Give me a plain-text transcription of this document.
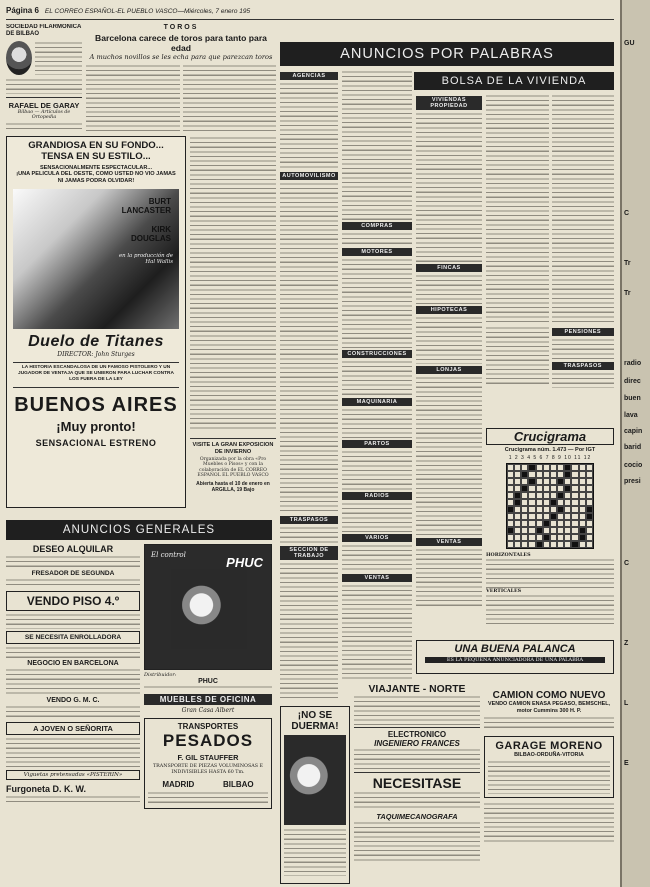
Página 6 EL CORREO ESPAÑOL-EL PUEBLO VASCO—Miércoles, 7 enero 195
SOCIEDAD FILARMONICA DE BILBAO
RAFAEL DE GARAY
Bilbao — Artículos de Ortopedia
TOROS
Barcelona carece de toros para tanto para edad
A muchos novillos se les echa para que parezcan toros
GRANDIOSA EN SU FONDO...
TENSA EN SU ESTILO...
SENSACIONALMENTE ESPECTACULAR...
¡UNA PELICULA DEL OESTE, COMO USTED NO VIO JAMAS NI JAMAS PODRA OLVIDAR!
BURT LANCASTER
KIRK DOUGLAS
en la producción de Hal Wallis
Duelo de Titanes
DIRECTOR: John Sturges
LA HISTORIA ESCANDALOSA DE UN FAMOSO PISTOLERO Y UN JUGADOR DE VENTAJA QUE SE UNIERON PARA LUCHAR CONTRA LOS FUERA DE LA LEY
BUENOS AIRES
¡Muy pronto!
SENSACIONAL ESTRENO	VISITE LA GRAN EXPOSICION DE INVIERNO
Organizada por la obra «Pro Muebles o Pisos» y con la colaboración de EL CORREO ESPAÑOL EL PUEBLO VASCO
Abierta hasta el 10 de enero en ARGILLA, 19 Bajo
ANUNCIOS GENERALES
DESEO ALQUILAR
FRESADOR DE SEGUNDA
VENDO PISO 4.º
SE NECESITA ENROLLADORA
NEGOCIO EN BARCELONA
VENDO G. M. C.
A JOVEN O SEÑORITA
Viguetas pretensadas «PISTERIN»
Furgoneta D. K. W.
El control	PHUC
Distribuidor:
PHUC
MUEBLES DE OFICINA
Gran Casa Albert
TRANSPORTES
PESADOS
F. GIL STAUFFER
TRANSPORTE DE PIEZAS VOLUMINOSAS E INDIVISIBLES HASTA 60 Tm.
MADRID	BILBAO
ANUNCIOS POR PALABRAS
AGENCIAS
AUTOMOVILISMO
TRASPASOS
SECCION DE TRABAJO
COMPRAS
MOTORES
CONSTRUCCIONES
MAQUINARIA
PARTOS
RADIOS
VARIOS
VENTAS
BOLSA DE LA VIVIENDA
VIVIENDAS PROPIEDAD
FINCAS
HIPOTECAS
LONJAS
VENTAS
PENSIONES
TRASPASOS
Crucigrama
Crucigrama núm. 1.473 — Por IGT
1 2 3 4 5 6 7 8 9 10 11 12
HORIZONTALES
VERTICALES
UNA BUENA PALANCA
ES LA PEQUEÑA ANUNCIADORA DE UNA PALABRA
¡NO SE DUERMA!
VIAJANTE - NORTE
ELECTRONICO
INGENIERO FRANCES
NECESITASE
TAQUIMECANOGRAFA
CAMION COMO NUEVO
VENDO CAMION ENASA PEGASO, BEMSCHEL, motor Cummins 300 H. P.
GARAGE MORENO
BILBAO-ORDUÑA-VITORIA
GU
C
Tr
Tr
radio
direc
buen
lava
capin
barid
cocio
presi
C
Z
L
E
